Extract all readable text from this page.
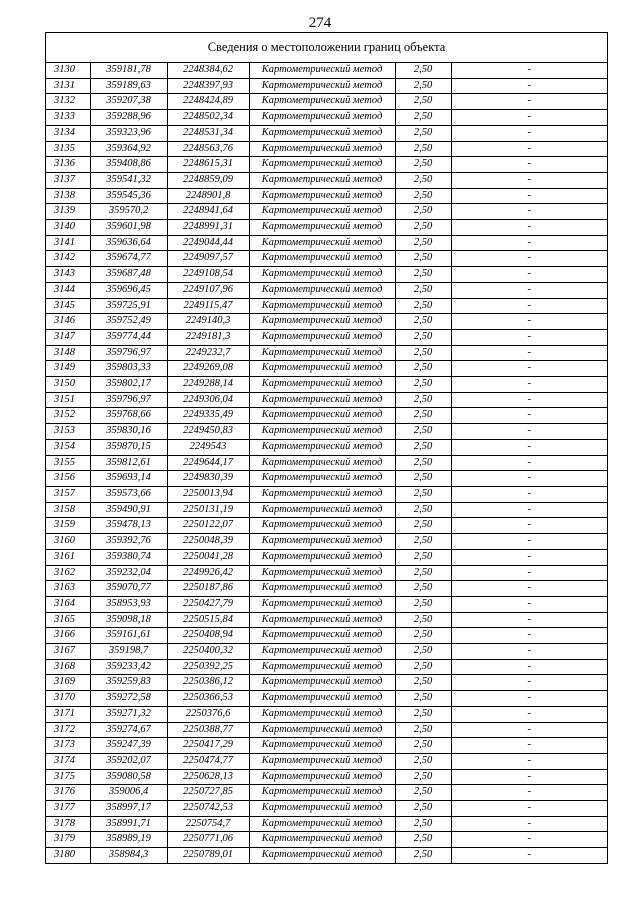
274
Сведения о местоположении границ объекта
3130	359181,78	2248384,62	Картометрический метод	2,50	-
3131	359189,63	2248397,93	Картометрический метод	2,50	-
3132	359207,38	2248424,89	Картометрический метод	2,50	-
3133	359288,96	2248502,34	Картометрический метод	2,50	-
3134	359323,96	2248531,34	Картометрический метод	2,50	-
3135	359364,92	2248563,76	Картометрический метод	2,50	-
3136	359408,86	2248615,31	Картометрический метод	2,50	-
3137	359541,32	2248859,09	Картометрический метод	2,50	-
3138	359545,36	2248901,8	Картометрический метод	2,50	-
3139	359570,2	2248941,64	Картометрический метод	2,50	-
3140	359601,98	2248991,31	Картометрический метод	2,50	-
3141	359636,64	2249044,44	Картометрический метод	2,50	-
3142	359674,77	2249097,57	Картометрический метод	2,50	-
3143	359687,48	2249108,54	Картометрический метод	2,50	-
3144	359696,45	2249107,96	Картометрический метод	2,50	-
3145	359725,91	2249115,47	Картометрический метод	2,50	-
3146	359752,49	2249140,3	Картометрический метод	2,50	-
3147	359774,44	2249181,3	Картометрический метод	2,50	-
3148	359796,97	2249232,7	Картометрический метод	2,50	-
3149	359803,33	2249269,08	Картометрический метод	2,50	-
3150	359802,17	2249288,14	Картометрический метод	2,50	-
3151	359796,97	2249306,04	Картометрический метод	2,50	-
3152	359768,66	2249335,49	Картометрический метод	2,50	-
3153	359830,16	2249450,83	Картометрический метод	2,50	-
3154	359870,15	2249543	Картометрический метод	2,50	-
3155	359812,61	2249644,17	Картометрический метод	2,50	-
3156	359693,14	2249830,39	Картометрический метод	2,50	-
3157	359573,66	2250013,94	Картометрический метод	2,50	-
3158	359490,91	2250131,19	Картометрический метод	2,50	-
3159	359478,13	2250122,07	Картометрический метод	2,50	-
3160	359392,76	2250048,39	Картометрический метод	2,50	-
3161	359380,74	2250041,28	Картометрический метод	2,50	-
3162	359232,04	2249926,42	Картометрический метод	2,50	-
3163	359070,77	2250187,86	Картометрический метод	2,50	-
3164	358953,93	2250427,79	Картометрический метод	2,50	-
3165	359098,18	2250515,84	Картометрический метод	2,50	-
3166	359161,61	2250408,94	Картометрический метод	2,50	-
3167	359198,7	2250400,32	Картометрический метод	2,50	-
3168	359233,42	2250392,25	Картометрический метод	2,50	-
3169	359259,83	2250386,12	Картометрический метод	2,50	-
3170	359272,58	2250366,53	Картометрический метод	2,50	-
3171	359271,32	2250376,6	Картометрический метод	2,50	-
3172	359274,67	2250388,77	Картометрический метод	2,50	-
3173	359247,39	2250417,29	Картометрический метод	2,50	-
3174	359202,07	2250474,77	Картометрический метод	2,50	-
3175	359080,58	2250628,13	Картометрический метод	2,50	-
3176	359006,4	2250727,85	Картометрический метод	2,50	-
3177	358997,17	2250742,53	Картометрический метод	2,50	-
3178	358991,71	2250754,7	Картометрический метод	2,50	-
3179	358989,19	2250771,06	Картометрический метод	2,50	-
3180	358984,3	2250789,01	Картометрический метод	2,50	-
